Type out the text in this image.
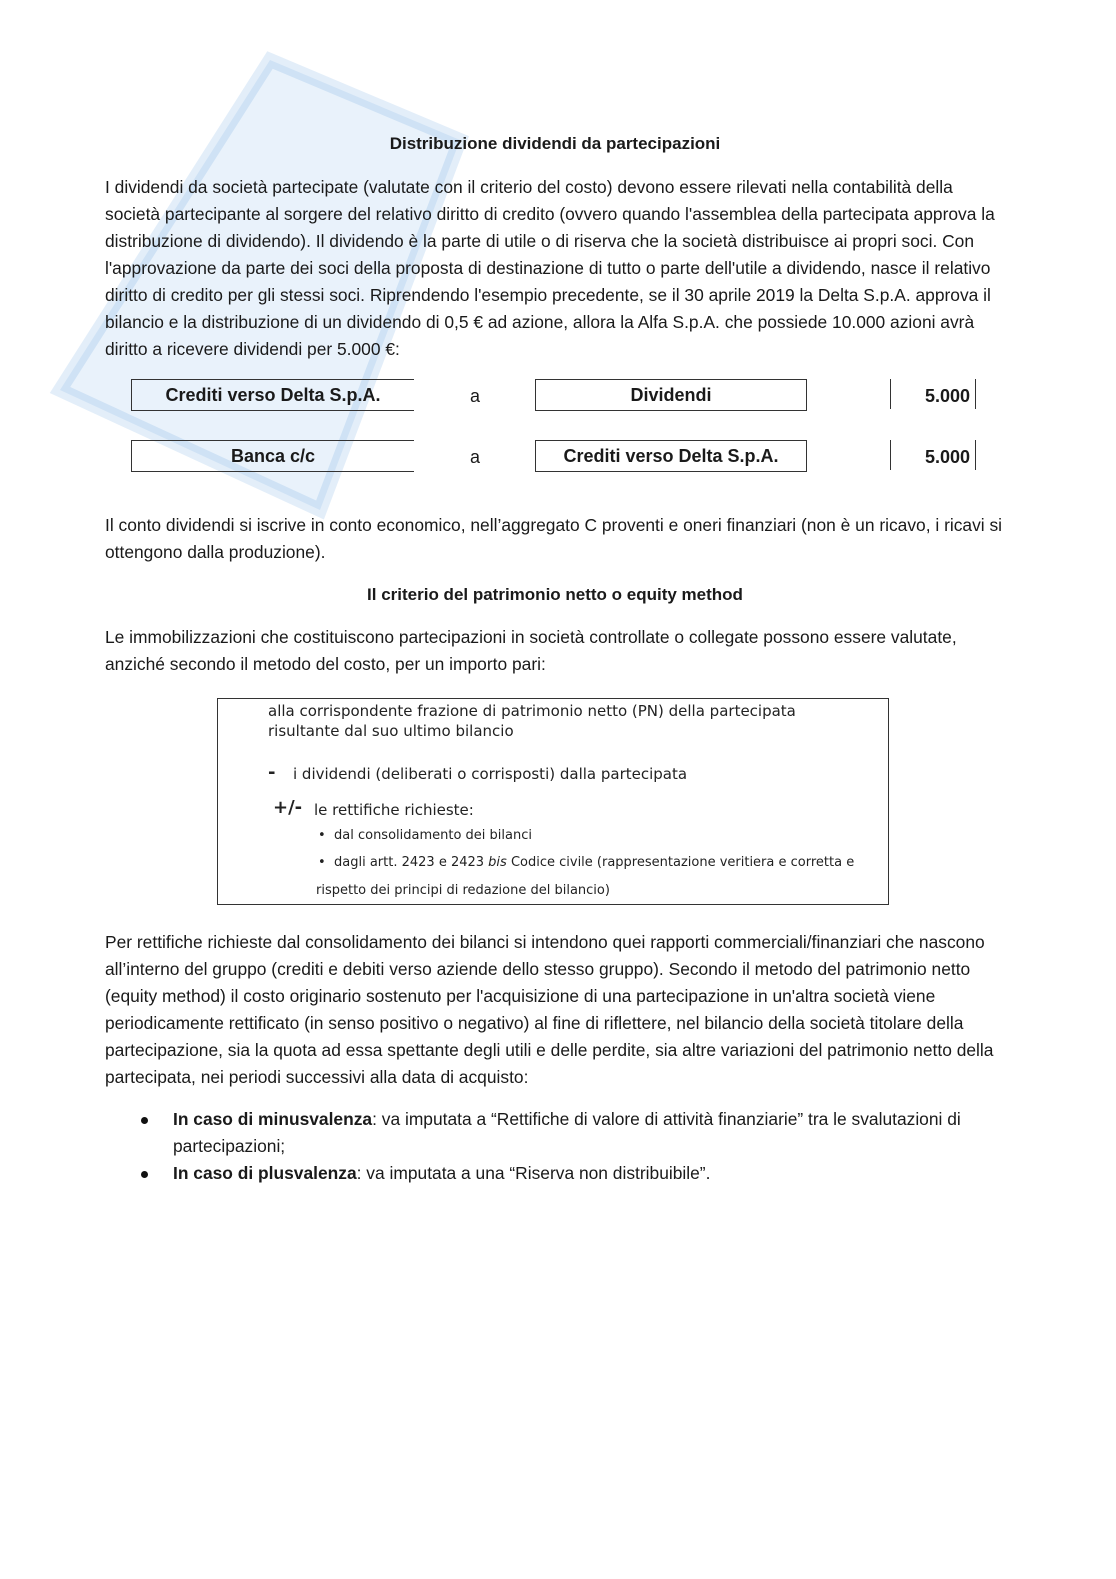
Distribuzione dividendi da partecipazioni

I dividendi da società partecipate (valutate con il criterio del costo) devono essere rilevati nella contabilità della società partecipante al sorgere del relativo diritto di credito (ovvero quando l'assemblea della partecipata approva la distribuzione di dividendo). Il dividendo è la parte di utile o di riserva che la società distribuisce ai propri soci. Con l'approvazione da parte dei soci della proposta di destinazione di tutto o parte dell'utile a dividendo, nasce il relativo diritto di credito per gli stessi soci. Riprendendo l'esempio precedente, se il 30 aprile 2019 la Delta S.p.A. approva il bilancio e la distribuzione di un dividendo di 0,5 € ad azione, allora la Alfa S.p.A. che possiede 10.000 azioni avrà diritto a ricevere dividendi per 5.000 €:

Crediti verso Delta S.p.A.	a	Dividendi	5.000
Banca c/c	a	Crediti verso Delta S.p.A.	5.000

Il conto dividendi si iscrive in conto economico, nell’aggregato C proventi e oneri finanziari (non è un ricavo, i ricavi si ottengono dalla produzione).

Il criterio del patrimonio netto o equity method

Le immobilizzazioni che costituiscono partecipazioni in società controllate o collegate possono essere valutate, anziché secondo il metodo del costo, per un importo pari:

alla corrispondente frazione di patrimonio netto (PN) della partecipata
risultante dal suo ultimo bilancio
- i dividendi (deliberati o corrisposti) dalla partecipata
+/- le rettifiche richieste:
• dal consolidamento dei bilanci
• dagli artt. 2423 e 2423 bis Codice civile (rappresentazione veritiera e corretta e
rispetto dei principi di redazione del bilancio)

Per rettifiche richieste dal consolidamento dei bilanci si intendono quei rapporti commerciali/finanziari che nascono all’interno del gruppo (crediti e debiti verso aziende dello stesso gruppo). Secondo il metodo del patrimonio netto (equity method) il costo originario sostenuto per l'acquisizione di una partecipazione in un'altra società viene periodicamente rettificato (in senso positivo o negativo) al fine di riflettere, nel bilancio della società titolare della partecipazione, sia la quota ad essa spettante degli utili e delle perdite, sia altre variazioni del patrimonio netto della partecipata, nei periodi successivi alla data di acquisto:

In caso di minusvalenza: va imputata a “Rettifiche di valore di attività finanziarie” tra le svalutazioni di partecipazioni;
In caso di plusvalenza: va imputata a una “Riserva non distribuibile”.
